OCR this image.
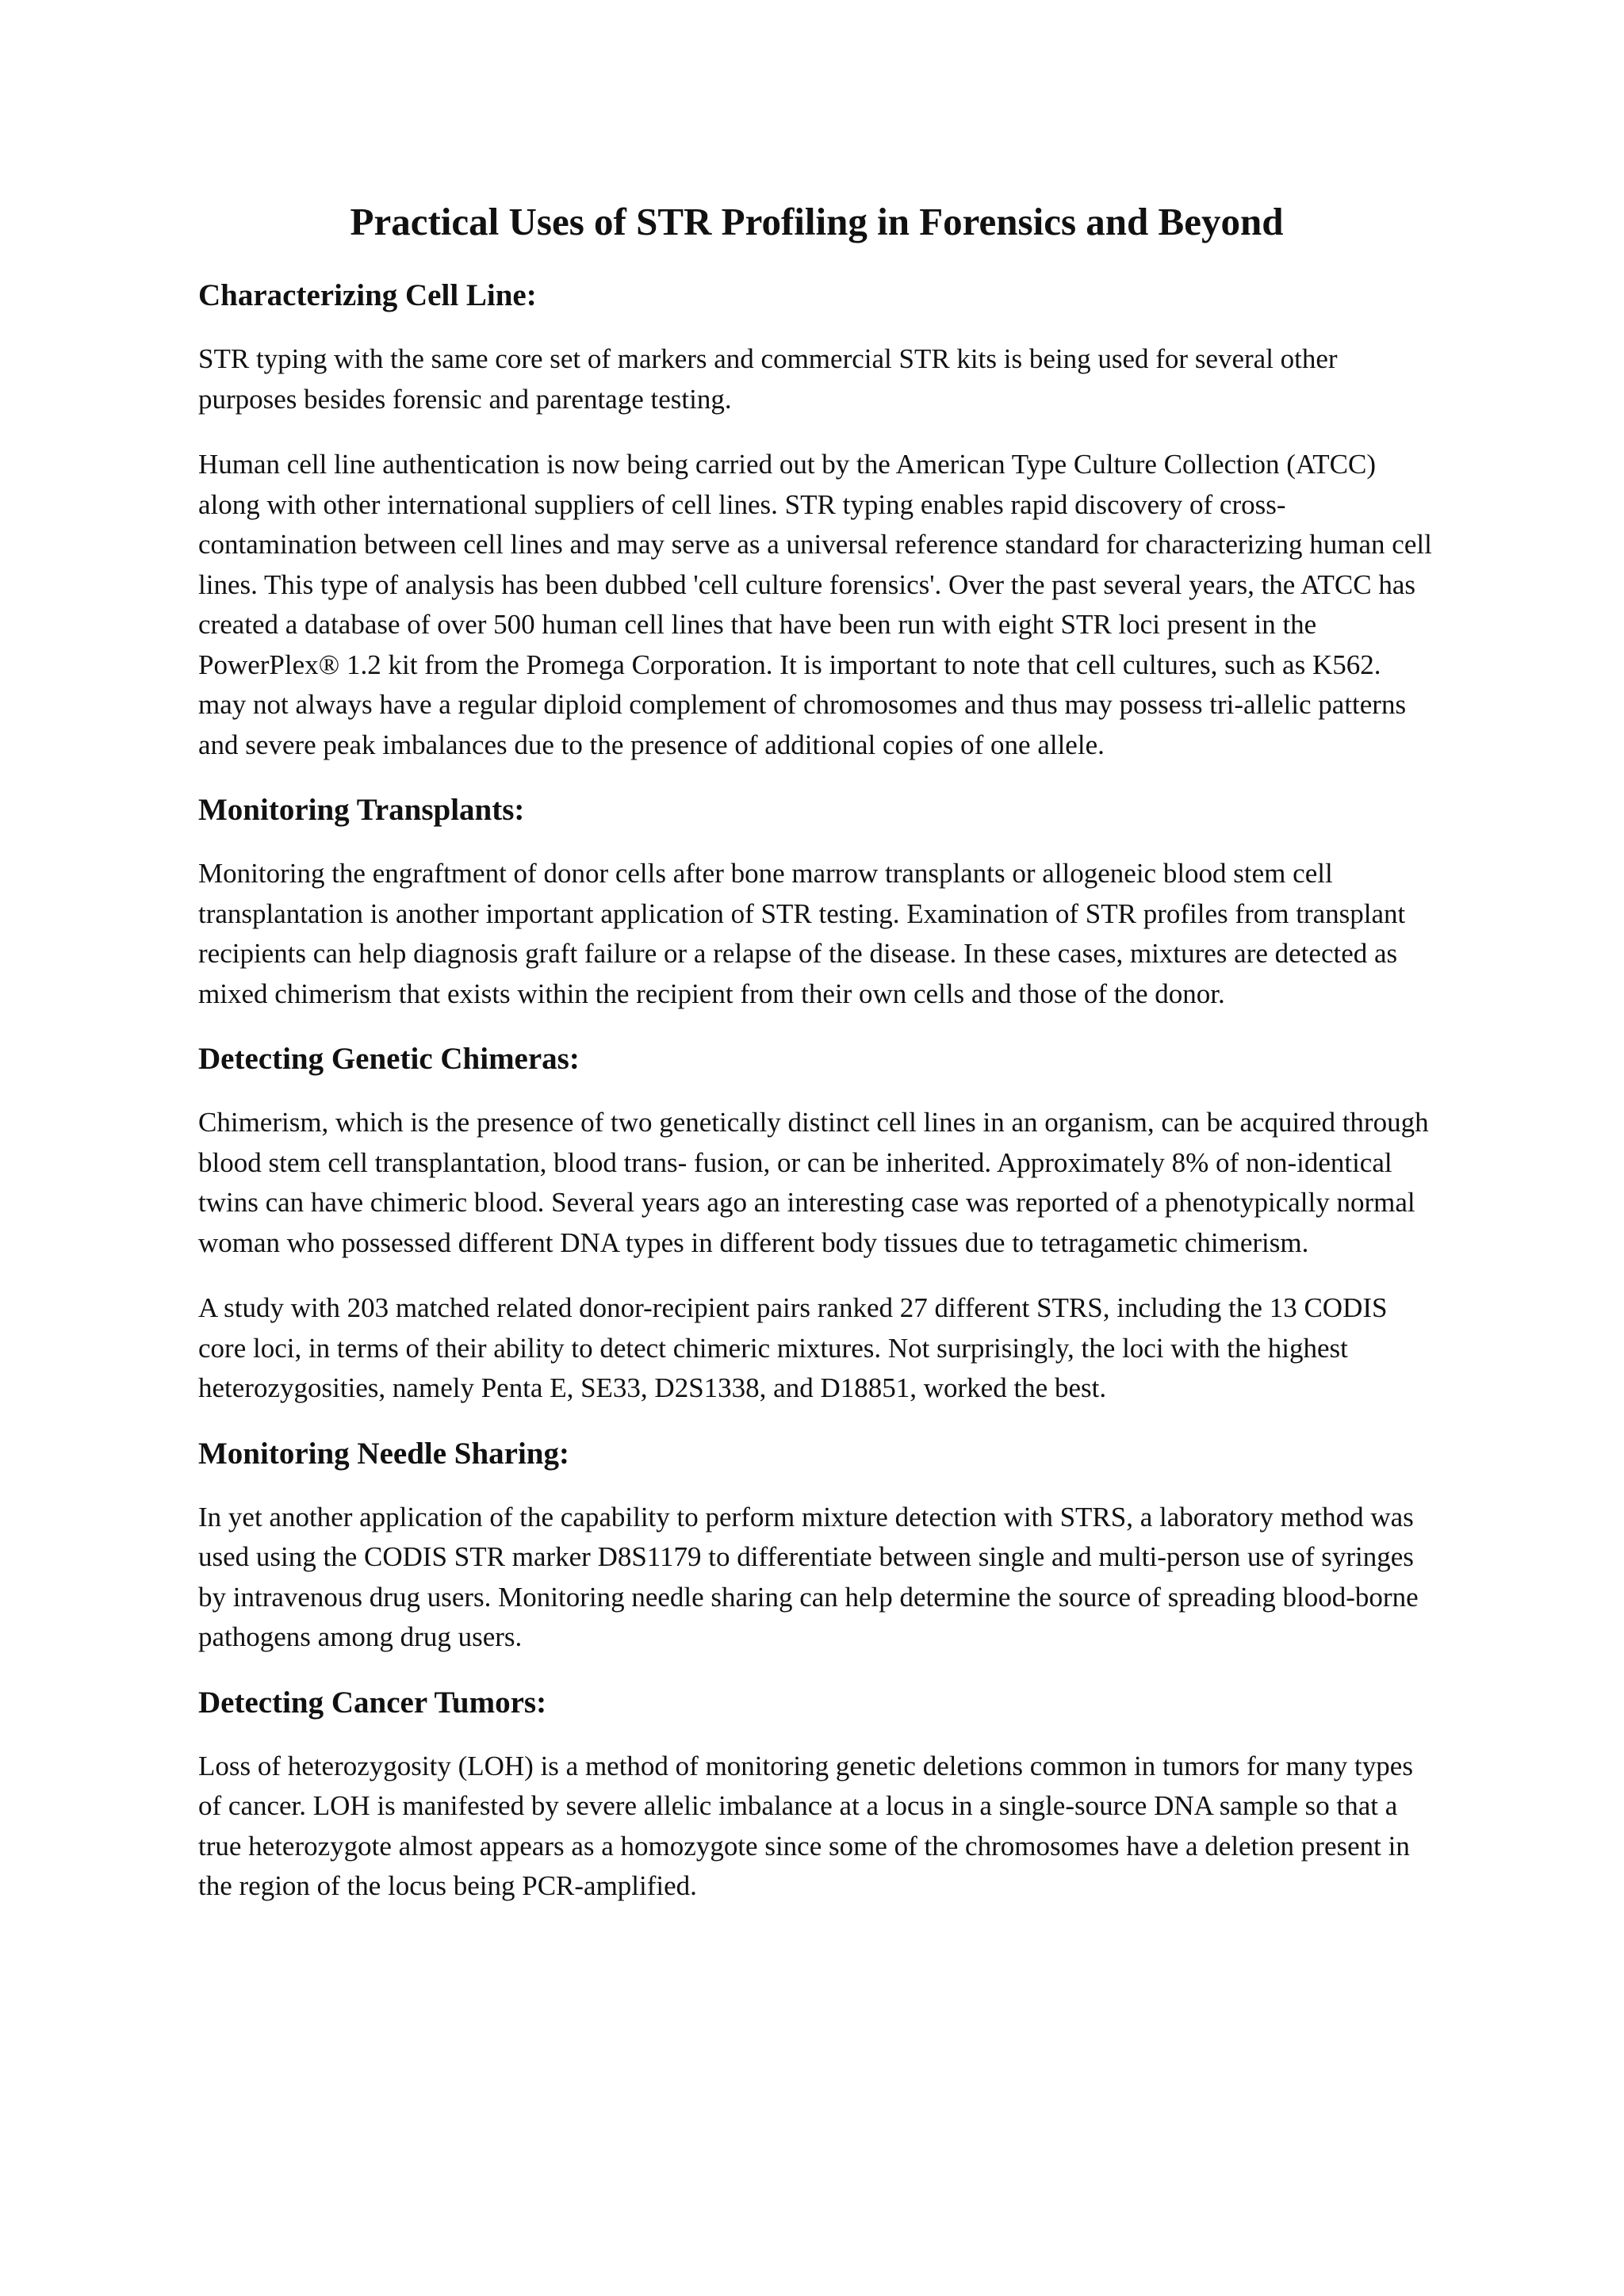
Practical Uses of STR Profiling in Forensics and Beyond
Characterizing Cell Line:

STR typing with the same core set of markers and commercial STR kits is being used for several other purposes besides forensic and parentage testing.

Human cell line authentication is now being carried out by the American Type Culture Collection (ATCC) along with other international suppliers of cell lines. STR typing enables rapid discovery of cross-contamination between cell lines and may serve as a universal reference standard for characterizing human cell lines. This type of analysis has been dubbed 'cell culture forensics'. Over the past several years, the ATCC has created a database of over 500 human cell lines that have been run with eight STR loci present in the PowerPlex® 1.2 kit from the Promega Corporation. It is important to note that cell cultures, such as K562. may not always have a regular diploid complement of chromosomes and thus may possess tri-allelic patterns and severe peak imbalances due to the presence of additional copies of one allele.

Monitoring Transplants:

Monitoring the engraftment of donor cells after bone marrow transplants or allogeneic blood stem cell transplantation is another important application of STR testing. Examination of STR profiles from transplant recipients can help diagnosis graft failure or a relapse of the disease. In these cases, mixtures are detected as mixed chimerism that exists within the recipient from their own cells and those of the donor.

Detecting Genetic Chimeras:

Chimerism, which is the presence of two genetically distinct cell lines in an organism, can be acquired through blood stem cell transplantation, blood trans- fusion, or can be inherited. Approximately 8% of non-identical twins can have chimeric blood. Several years ago an interesting case was reported of a phenotypically normal woman who possessed different DNA types in different body tissues due to tetragametic chimerism.

A study with 203 matched related donor-recipient pairs ranked 27 different STRS, including the 13 CODIS core loci, in terms of their ability to detect chimeric mixtures. Not surprisingly, the loci with the highest heterozygosities, namely Penta E, SE33, D2S1338, and D18851, worked the best.

Monitoring Needle Sharing:

In yet another application of the capability to perform mixture detection with STRS, a laboratory method was used using the CODIS STR marker D8S1179 to differentiate between single and multi-person use of syringes by intravenous drug users. Monitoring needle sharing can help determine the source of spreading blood-borne pathogens among drug users.

Detecting Cancer Tumors:

Loss of heterozygosity (LOH) is a method of monitoring genetic deletions common in tumors for many types of cancer. LOH is manifested by severe allelic imbalance at a locus in a single-source DNA sample so that a true heterozygote almost appears as a homozygote since some of the chromosomes have a deletion present in the region of the locus being PCR-amplified.
